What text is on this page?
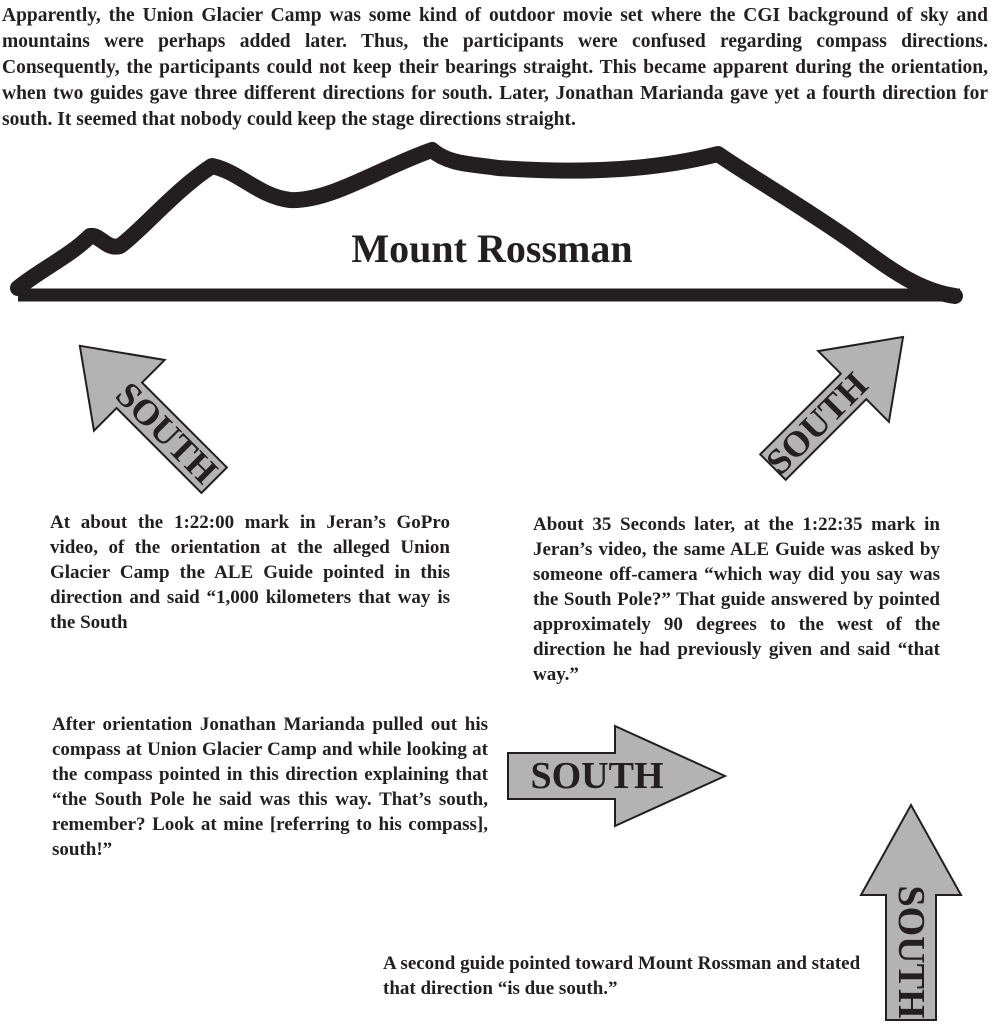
SOUTH	SOUTH
SOUTH
SOUTH
Mount Rossman

Apparently, the Union Glacier Camp was some kind of outdoor movie set where the CGI background of sky and mountains were perhaps added later. Thus, the participants were confused regarding compass directions. Consequently, the participants could not keep their bearings straight. This became apparent during the orientation, when two guides gave three different directions for south. Later, Jonathan Marianda gave yet a fourth direction for south. It seemed that nobody could keep the stage directions straight.

At about the 1:22:00 mark in Jeran’s GoPro video, of the orientation at the alleged Union Glacier Camp the ALE Guide pointed in this direction and said “1,000 kilometers that way is the South

About 35 Seconds later, at the 1:22:35 mark in Jeran’s video, the same ALE Guide was asked by someone off-camera “which way did you say was the South Pole?” That guide answered by pointed approximately 90 degrees to the west of the direction he had previously given and said “that way.”

After orientation Jonathan Marianda pulled out his compass at Union Glacier Camp and while looking at the compass pointed in this direction explaining that “the South Pole he said was this way. That’s south, remember? Look at mine [referring to his compass], south!”

A second guide pointed toward Mount Rossman and stated that direction “is due south.”
